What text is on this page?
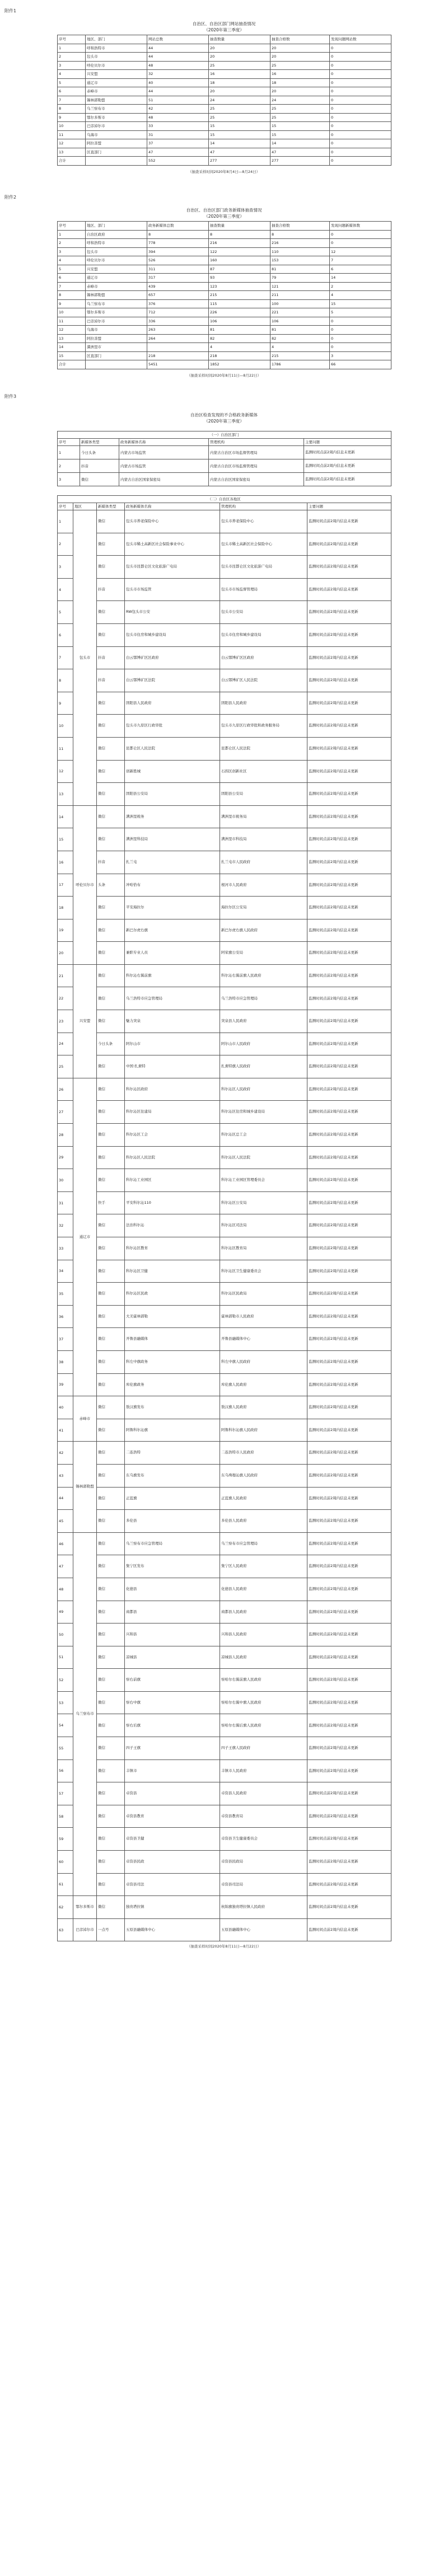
附件1
自治区、自治区部门网站抽查情况
（2020年第三季度）
序号	地区、部门	网站总数	抽查数量	抽查合格数	发现问题网站数
1	呼和浩特市	44	20	20	0
2	包头市	44	20	20	0
3	呼伦贝尔市	48	25	25	0
4	兴安盟	32	16	16	0
5	通辽市	40	18	18	0
6	赤峰市	44	20	20	0
7	锡林郭勒盟	51	24	24	0
8	乌兰察布市	42	25	25	0
9	鄂尔多斯市	48	25	25	0
10	巴彦淖尔市	33	15	15	0
11	乌海市	31	15	15	0
12	阿拉善盟	37	14	14	0
13	区直部门	47	47	47	0
合计		552	277	277	0
（抽查采样时间2020年8月4日—8月24日）
附件2
自治区、自治区部门政务新媒体抽查情况
（2020年第三季度）
序号	地区、部门	政务新媒体总数	抽查数量	抽查合格数	发现问题新媒体数
1	自治区政府	8	8	8	0
2	呼和浩特市	778	216	216	0
3	包头市	394	122	110	12
4	呼伦贝尔市	526	160	153	7
5	兴安盟	311	87	81	6
6	通辽市	317	93	79	14
7	赤峰市	439	123	121	2
8	锡林郭勒盟	657	215	211	4
9	乌兰察布市	376	115	100	15
10	鄂尔多斯市	712	226	221	5
11	巴彦淖尔市	336	106	106	0
12	乌海市	263	81	81	0
13	阿拉善盟	264	82	82	0
14	満洲里市		4	4	0
15	区直部门	218	218	215	3
合计		5451	1852	1786	66
（抽查采样时间2020年8月11日—8月22日）
附件3
自治区检查发现的不合格政务新媒体
（2020年第三季度）
（一）自治区部门				
序号	新媒体类型	政务新媒体名称	管理机构	主要问题
1	今日头条	内蒙古市场监管	内蒙古自治区市场监督管理局	监测时间点前2周内信息未更新
2	抖音	内蒙古市场监管	内蒙古自治区市场监督管理局	监测时间点前2周内信息未更新
3	微信	内蒙古自治区国家保密局	内蒙古自治区国家保密局	监测时间点前2周内信息未更新
（二）自治区各地区					
序号	地区	新媒体类型	政务新媒体名称	管理机构	主要问题
1	包头市	微信	包头市养老保险中心	包头市养老保险中心	监测时间点前2周内信息未更新
2		微信	包头市稀土高新区社会保险事业中心	包头市稀土高新区社会保险中心	监测时间点前2周内信息未更新
3		微信	包头市昆都仑区文化旅游广电局	包头市昆都仑区文化旅游广电局	监测时间点前2周内信息未更新
4		抖音	包头市市场监管	包头市市场监督管理局	监测时间点前2周内信息未更新
5		微信	RW包头市公安	包头市公安局	监测时间点前2周内信息未更新
6		微信	包头市住房和城乡建设局	包头市住房和城乡建设局	监测时间点前2周内信息未更新
7		抖音	白云鄂博矿区区政府	白云鄂博矿区区政府	监测时间点前2周内信息未更新
8		抖音	白云鄂博矿区法院	白云鄂博矿区人民法院	监测时间点前2周内信息未更新
9		微信	固阳县人民政府	固阳县人民政府	监测时间点前2周内信息未更新
10		微信	包头市九原区行政审批	包头市九原区行政审批和政务服务局	监测时间点前2周内信息未更新
11		微信	昆都仑区人民法院	昆都仑区人民法院	监测时间点前2周内信息未更新
12		微信	创新胜城	石拐区创新社区	监测时间点前2周内信息未更新
13		微信	固阳县公安局	固阳县公安局	监测时间点前2周内信息未更新
14	呼伦贝尔市	微信	满洲里税务	满洲里市税务局	监测时间点前2周内信息未更新
15		微信	满洲里科技局	满洲里市科技局	监测时间点前2周内信息未更新
16		抖音	扎兰屯	扎兰屯市人民政府	监测时间点前2周内信息未更新
17		头条	冲哈恰布	根河市人民政府	监测时间点前2周内信息未更新
18		微信	平安海拉尔	海拉尔区公安局	监测时间点前2周内信息未更新
19		微信	新巴尔虎右旗	新巴尔虎右旗人民政府	监测时间点前2周内信息未更新
20		微信	兼职专业人员	阿荣旗公安局	监测时间点前2周内信息未更新
21	兴安盟	微信	科尔沁右翼前旗	科尔沁右翼前旗人民政府	监测时间点前2周内信息未更新
22		微信	乌兰浩特市应急管理局	乌兰浩特市应急管理局	监测时间点前2周内信息未更新
23		微信	魅力突泉	突泉县人民政府	监测时间点前2周内信息未更新
24		今日头条	阿尔山市	阿尔山市人民政府	监测时间点前2周内信息未更新
25		微信	中国·扎赉特	扎赉特旗人民政府	监测时间点前2周内信息未更新
26	通辽市	微信	科尔沁区政府	科尔沁区人民政府	监测时间点前2周内信息未更新
27		微信	科尔沁区住建局	科尔沁区住房和城乡建设局	监测时间点前2周内信息未更新
28		微信	科尔沁区工会	科尔沁区总工会	监测时间点前2周内信息未更新
29		微信	科尔沁区人民法院	科尔沁区人民法院	监测时间点前2周内信息未更新
30		微信	科尔沁工业园区	科尔沁工业园区管理委员会	监测时间点前2周内信息未更新
31		快手	平安科尔沁110	科尔沁区公安局	监测时间点前2周内信息未更新
32		微信	法治科尔沁	科尔沁区司法局	监测时间点前2周内信息未更新
33		微信	科尔沁区教育	科尔沁区教育局	监测时间点前2周内信息未更新
34		微信	科尔沁区卫健	科尔沁区卫生健康委员会	监测时间点前2周内信息未更新
35		微信	科尔沁区民政	科尔沁区民政局	监测时间点前2周内信息未更新
36		微信	大美霍林郭勒	霍林郭勒市人民政府	监测时间点前2周内信息未更新
37		微信	开鲁县融媒体	开鲁县融媒体中心	监测时间点前2周内信息未更新
38		微信	科左中旗政务	科左中旗人民政府	监测时间点前2周内信息未更新
39		微信	库伦旗政务	库伦旗人民政府	监测时间点前2周内信息未更新
40	赤峰市	微信	敖汉旗发布	敖汉旗人民政府	监测时间点前2周内信息未更新
41		微信	阿鲁科尔沁旗	阿鲁科尔沁旗人民政府	监测时间点前2周内信息未更新
42	锡林郭勒盟	微信	二连浩特	二连浩特市人民政府	监测时间点前2周内信息未更新
43		微信	东乌旗发布	东乌珠穆沁旗人民政府	监测时间点前2周内信息未更新
44		微信	正蓝旗	正蓝旗人民政府	监测时间点前2周内信息未更新
45		微信	多伦县	多伦县人民政府	监测时间点前2周内信息未更新
46	乌兰察布市	微信	乌兰察布市应急管理局	乌兰察布市应急管理局	监测时间点前2周内信息未更新
47		微信	集宁区发布	集宁区人民政府	监测时间点前2周内信息未更新
48		微信	化德县	化德县人民政府	监测时间点前2周内信息未更新
49		微信	商都县	商都县人民政府	监测时间点前2周内信息未更新
50		微信	兴和县	兴和县人民政府	监测时间点前2周内信息未更新
51		微信	凉城县	凉城县人民政府	监测时间点前2周内信息未更新
52		微信	察右前旗	察哈尔右翼前旗人民政府	监测时间点前2周内信息未更新
53		微信	察右中旗	察哈尔右翼中旗人民政府	监测时间点前2周内信息未更新
54		微信	察右后旗	察哈尔右翼后旗人民政府	监测时间点前2周内信息未更新
55		微信	四子王旗	四子王旗人民政府	监测时间点前2周内信息未更新
56		微信	丰镇市	丰镇市人民政府	监测时间点前2周内信息未更新
57		微信	卓资县	卓资县人民政府	监测时间点前2周内信息未更新
58		微信	卓资县教育	卓资县教育局	监测时间点前2周内信息未更新
59		微信	卓资县卫健	卓资县卫生健康委员会	监测时间点前2周内信息未更新
60		微信	卓资县民政	卓资县民政局	监测时间点前2周内信息未更新
61		微信	卓资县司法	卓资县司法局	监测时间点前2周内信息未更新
62	鄂尔多斯市	微信	独贵塔拉镇	杭锦旗独贵塔拉镇人民政府	监测时间点前2周内信息未更新
63	巴彦淖尔市	一点号	五原县融媒体中心	五原县融媒体中心	监测时间点前2周内信息未更新
（抽查采样时间2020年8月11日—8月22日）
